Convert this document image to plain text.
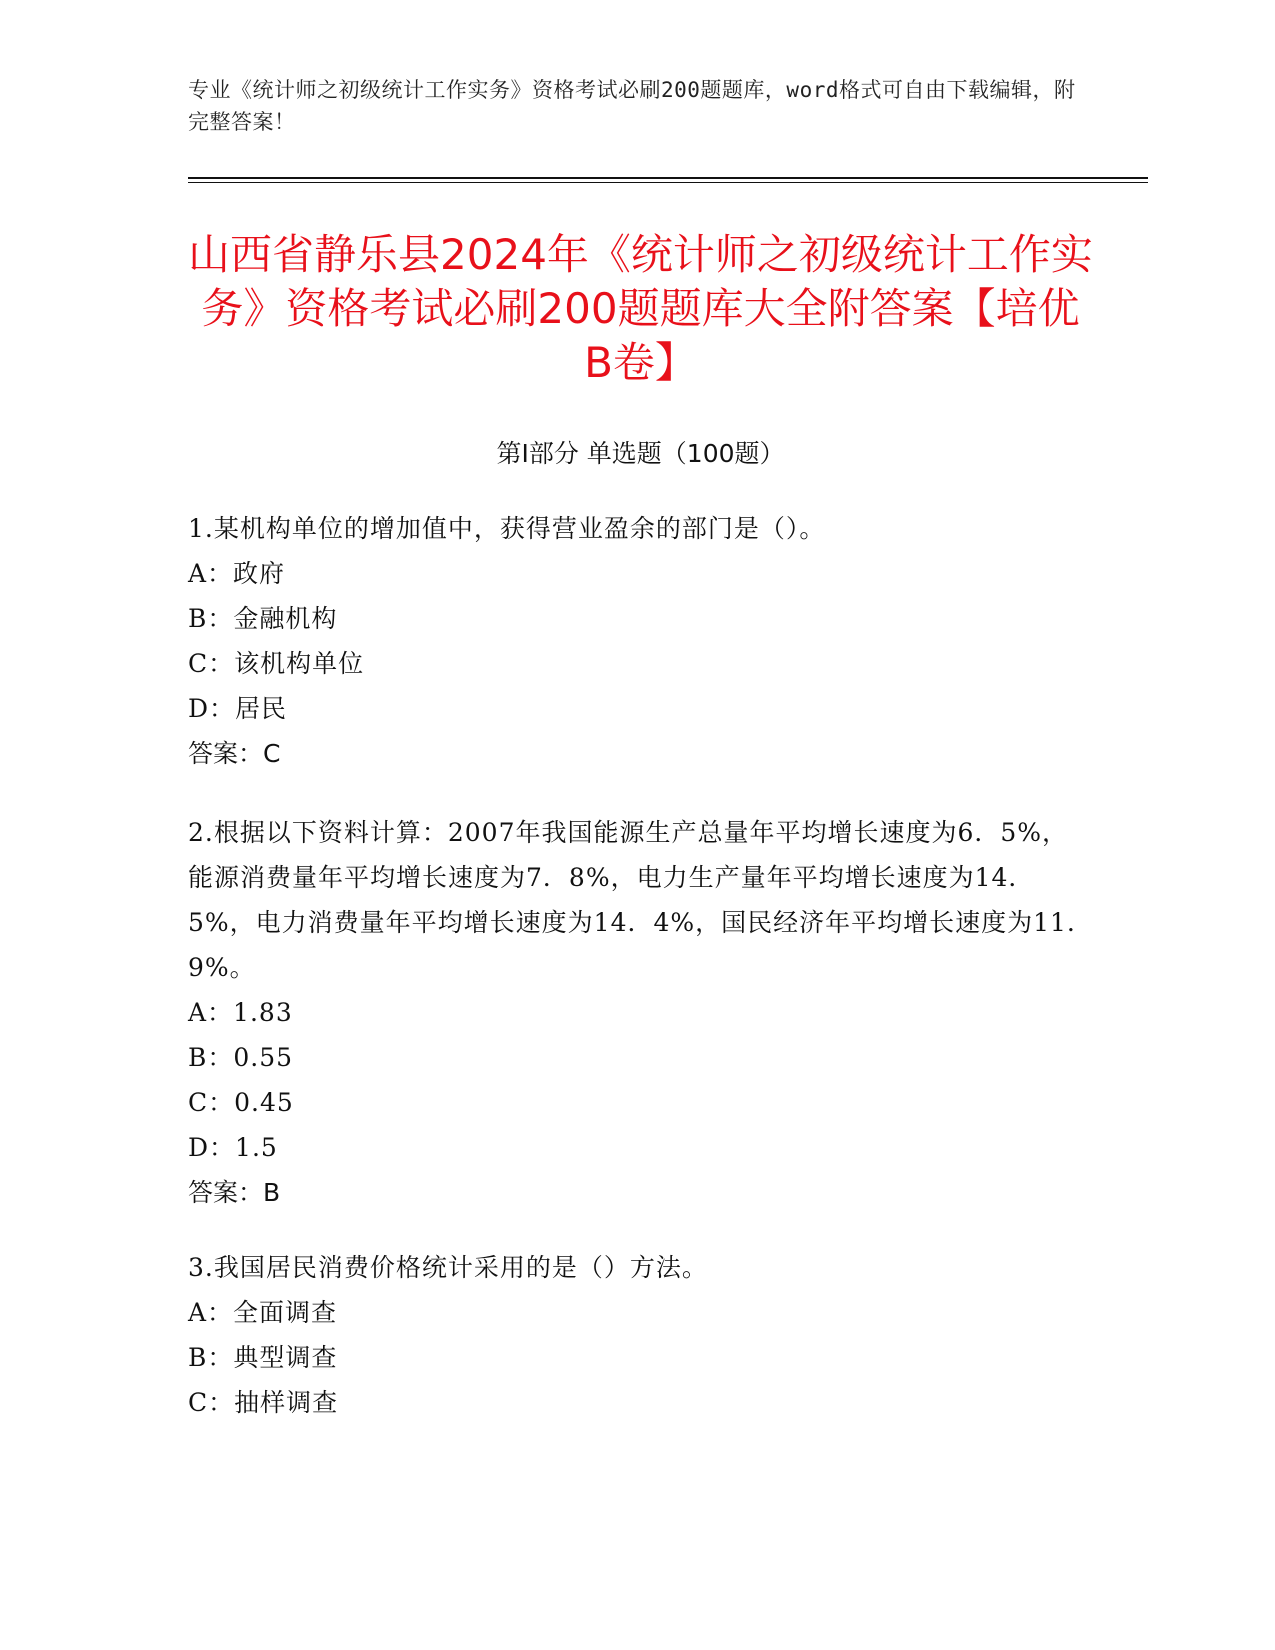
专业《统计师之初级统计工作实务》资格考试必刷200题题库，word格式可自由下载编辑，附完整答案！
山西省静乐县2024年《统计师之初级统计工作实务》资格考试必刷200题题库大全附答案【培优B卷】
第Ⅰ部分 单选题（100题）

1.某机构单位的增加值中，获得营业盈余的部门是（）。

A：政府

B：金融机构

C：该机构单位

D：居民

答案：C

2.根据以下资料计算：2007年我国能源生产总量年平均增长速度为6．5%，能源消费量年平均增长速度为7．8%，电力生产量年平均增长速度为14．5%，电力消费量年平均增长速度为14．4%，国民经济年平均增长速度为11．9%。

A：1.83

B：0.55

C：0.45

D：1.5

答案：B

3.我国居民消费价格统计采用的是（）方法。

A：全面调查

B：典型调查

C：抽样调查
